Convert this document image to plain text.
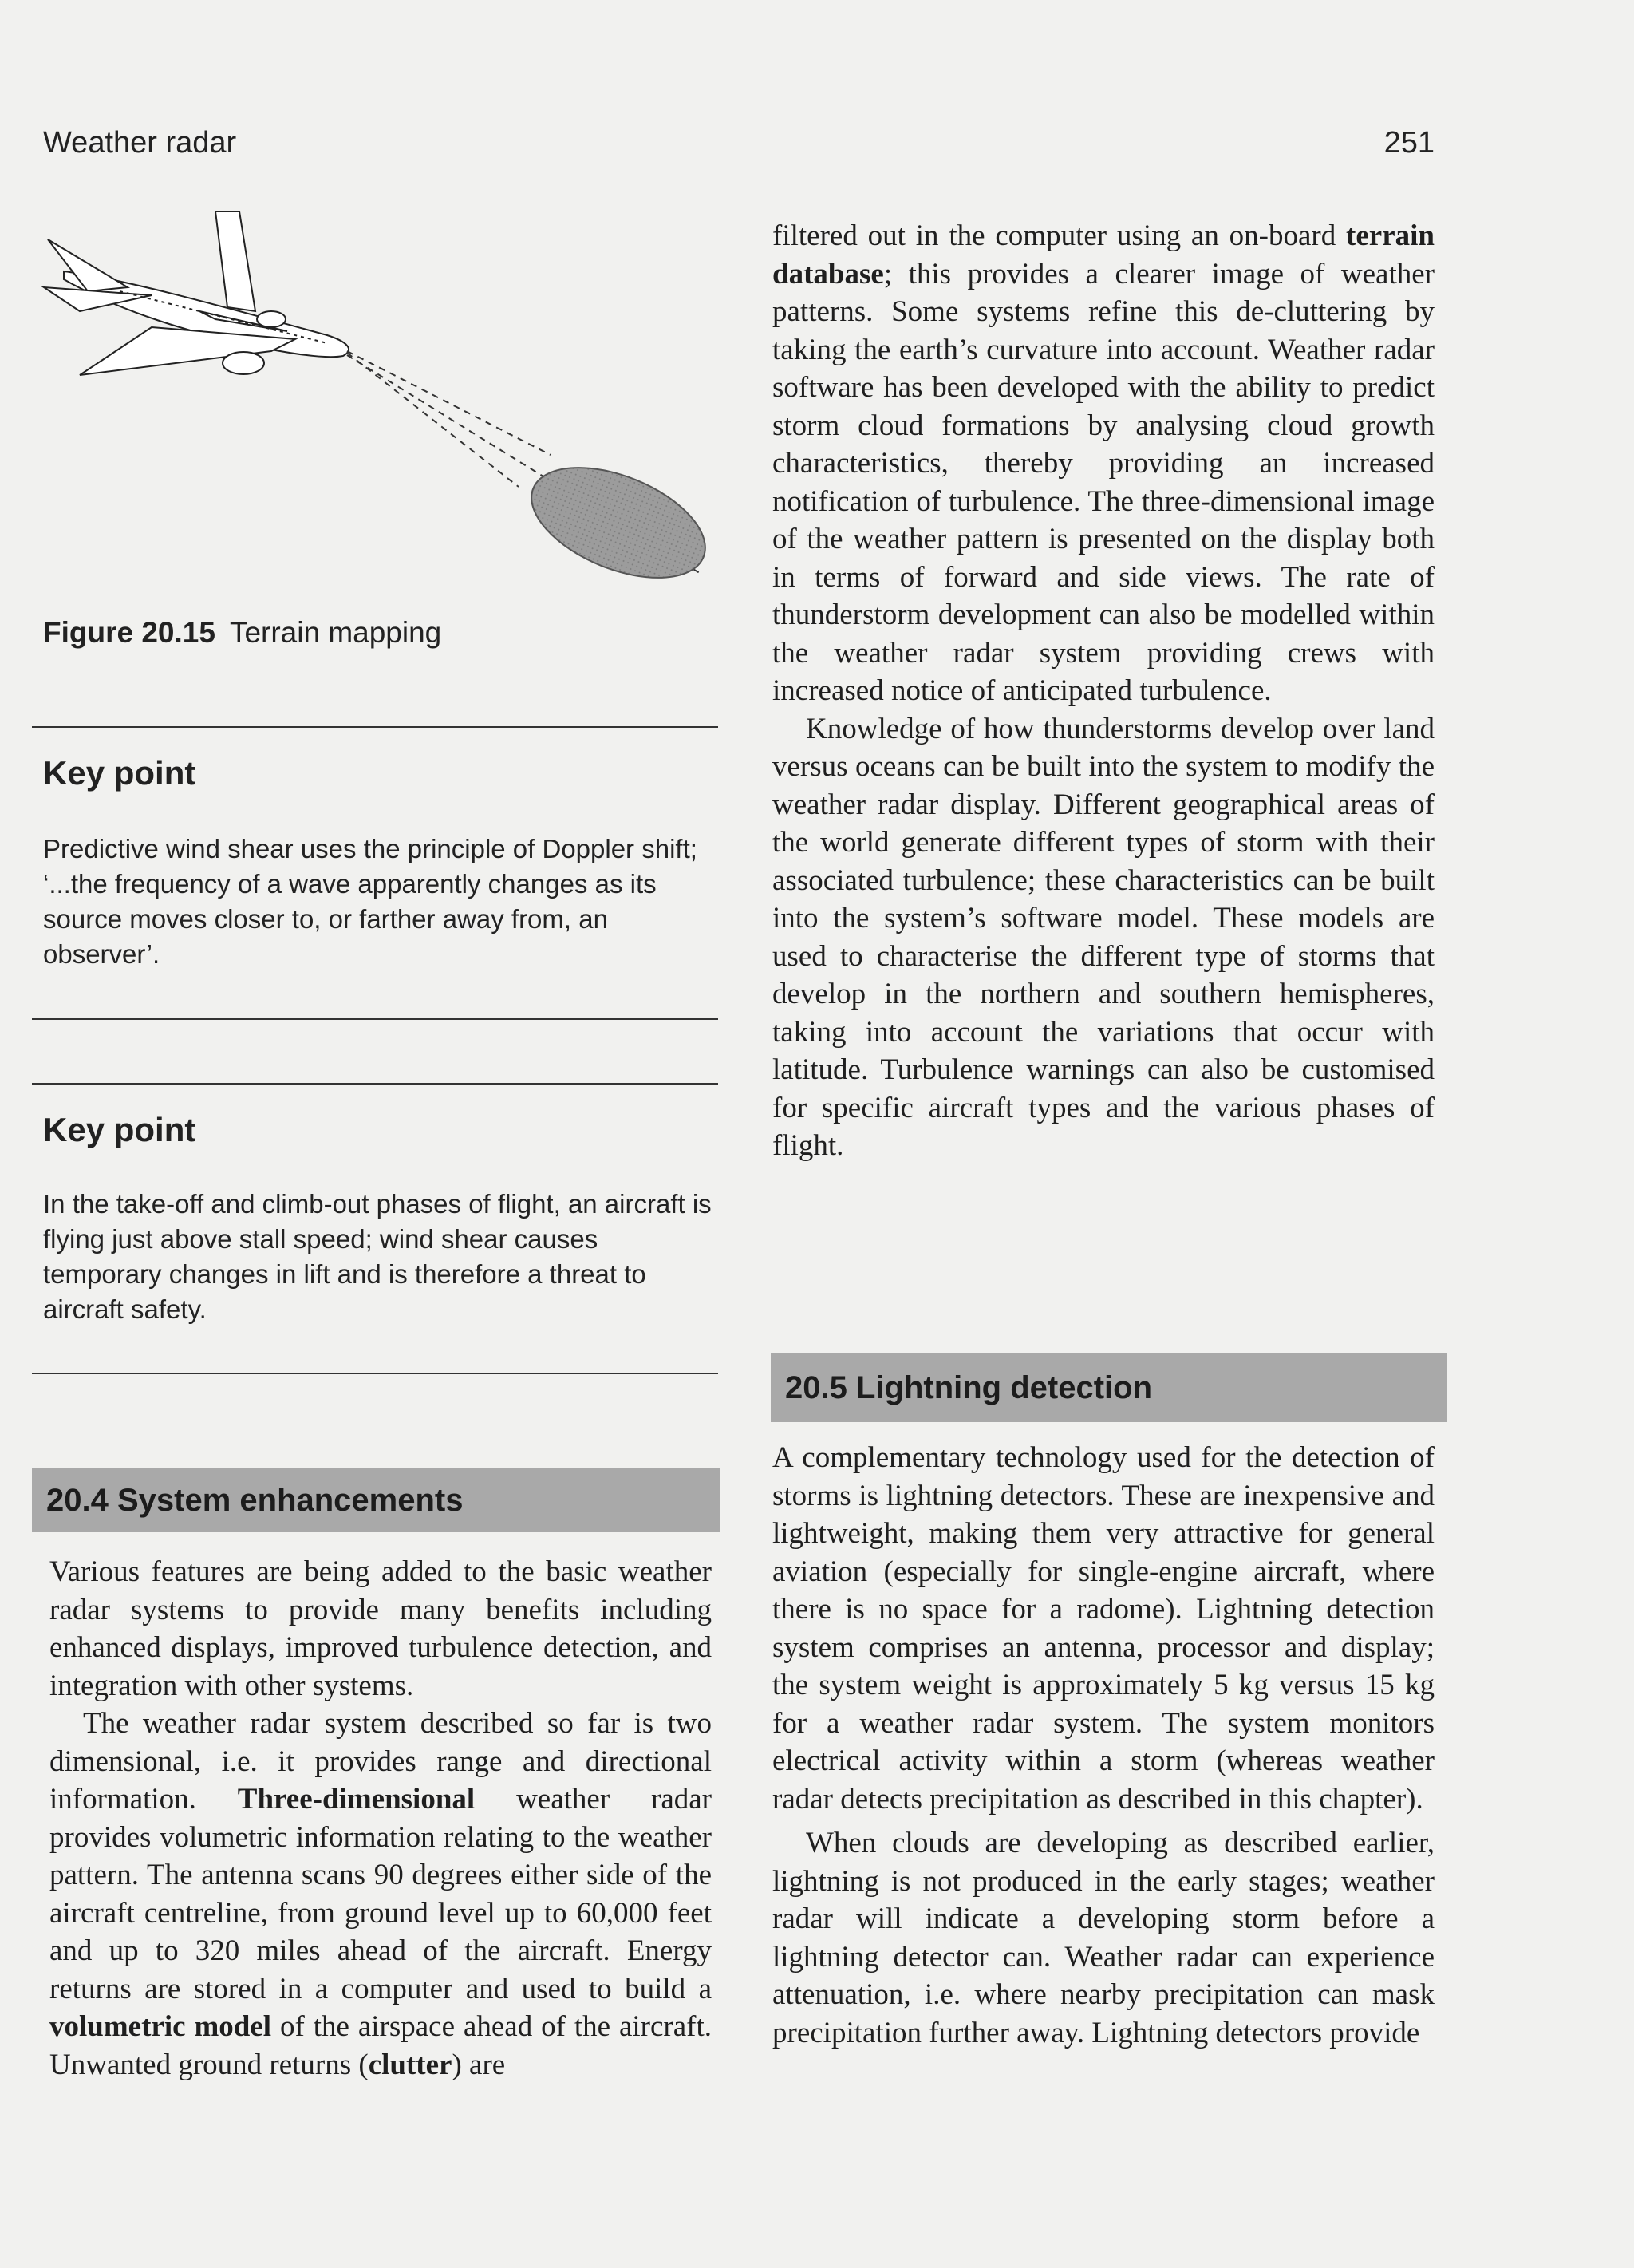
Weather radar	251
Figure 20.15 Terrain mapping
Key point
Predictive wind shear uses the principle of Doppler shift; ‘...the frequency of a wave apparently changes as its source moves closer to, or farther away from, an observer’.
Key point
In the take-off and climb-out phases of flight, an aircraft is flying just above stall speed; wind shear causes temporary changes in lift and is therefore a threat to aircraft safety.
20.4 System enhancements

Various features are being added to the basic weather radar systems to provide many benefits including enhanced displays, improved turbulence detection, and integration with other systems.

The weather radar system described so far is two dimensional, i.e. it provides range and directional information. Three-dimensional weather radar provides volumetric information relating to the weather pattern. The antenna scans 90 degrees either side of the aircraft centreline, from ground level up to 60,000 feet and up to 320 miles ahead of the aircraft. Energy returns are stored in a computer and used to build a volumetric model of the airspace ahead of the aircraft. Unwanted ground returns (clutter) are

filtered out in the computer using an on-board terrain database; this provides a clearer image of weather patterns. Some systems refine this de-cluttering by taking the earth’s curvature into account. Weather radar software has been developed with the ability to predict storm cloud formations by analysing cloud growth characteristics, thereby providing an increased notification of turbulence. The three-dimensional image of the weather pattern is presented on the display both in terms of forward and side views. The rate of thunderstorm development can also be modelled within the weather radar system providing crews with increased notice of anticipated turbulence.

Knowledge of how thunderstorms develop over land versus oceans can be built into the system to modify the weather radar display. Different geographical areas of the world generate different types of storm with their associated turbulence; these characteristics can be built into the system’s software model. These models are used to characterise the different type of storms that develop in the northern and southern hemispheres, taking into account the variations that occur with latitude. Turbulence warnings can also be customised for specific aircraft types and the various phases of flight.

20.5 Lightning detection

A complementary technology used for the detection of storms is lightning detectors. These are inexpensive and lightweight, making them very attractive for general aviation (especially for single-engine aircraft, where there is no space for a radome). Lightning detection system comprises an antenna, processor and display; the system weight is approximately 5 kg versus 15 kg for a weather radar system. The system monitors electrical activity within a storm (whereas weather radar detects precipitation as described in this chapter).

When clouds are developing as described earlier, lightning is not produced in the early stages; weather radar will indicate a developing storm before a lightning detector can. Weather radar can experience attenuation, i.e. where nearby precipitation can mask precipitation further away. Lightning detectors provide
